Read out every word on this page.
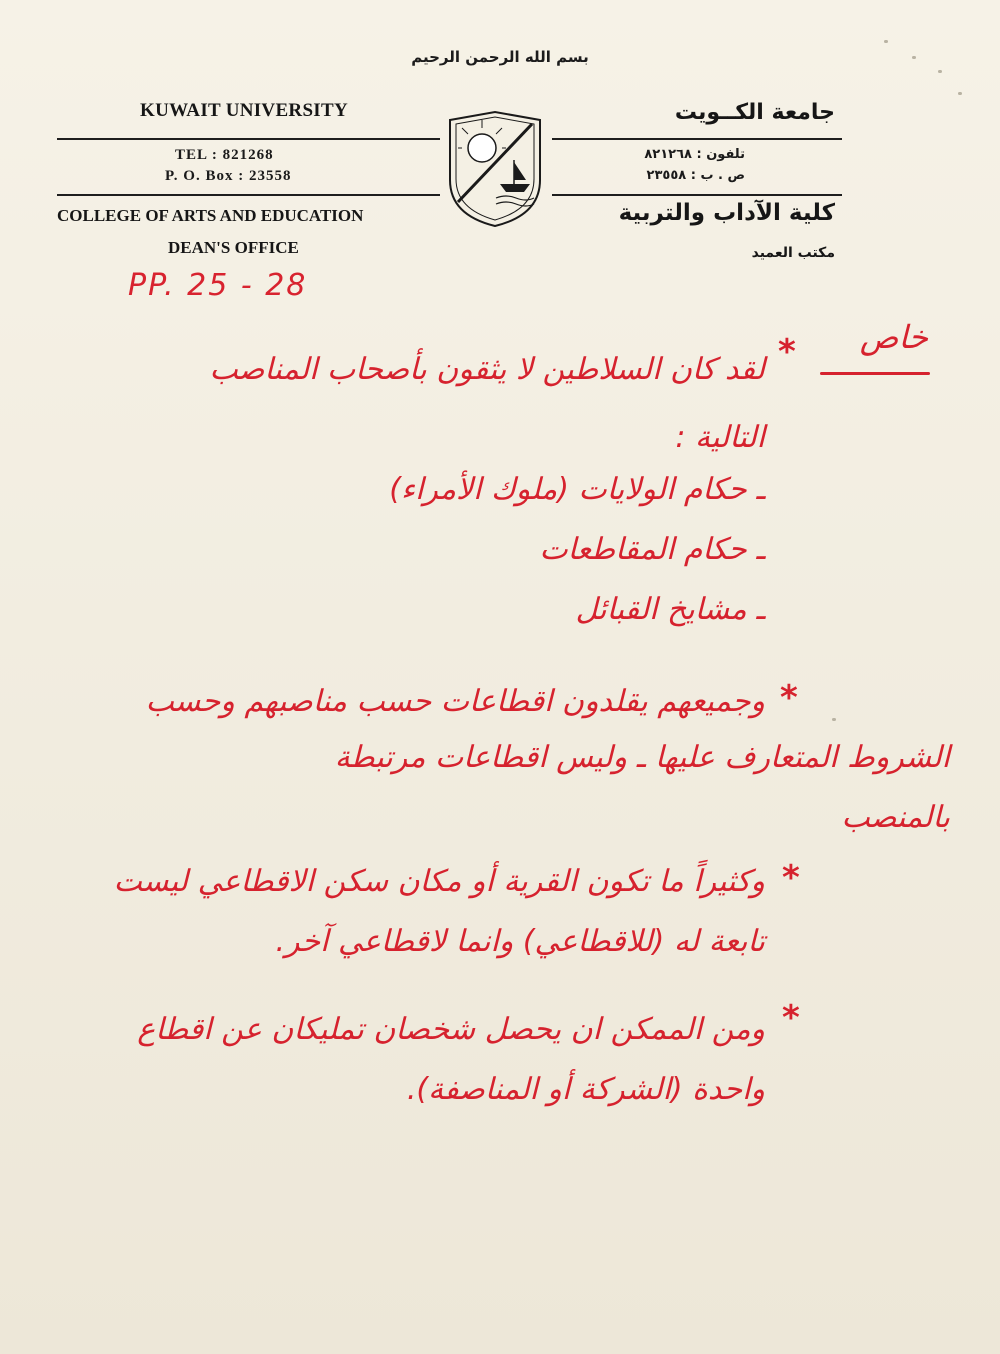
بسم الله الرحمن الرحيم
KUWAIT UNIVERSITY	جامعة الكــويت
TEL : 821268
P. O. Box : 23558
تلفون : ٨٢١٢٦٨
ص . ب : ٢٣٥٥٨
COLLEGE OF ARTS AND EDUCATION
DEAN'S OFFICE
كلية الآداب والتربية
مكتب العميد
PP. 25 - 28
خاص
*
لقد كان السلاطين لا يثقون بأصحاب المناصب
التالية :
ـ حكام الولايات (ملوك الأمراء)
ـ حكام المقاطعات
ـ مشايخ القبائل
*
وجميعهم يقلدون اقطاعات حسب مناصبهم وحسب
الشروط المتعارف عليها ـ وليس اقطاعات مرتبطة
بالمنصب
*
وكثيراً ما تكون القرية أو مكان سكن الاقطاعي ليست
تابعة له (للاقطاعي) وانما لاقطاعي آخر.
*
ومن الممكن ان يحصل شخصان تمليكان عن اقطاع
واحدة (الشركة أو المناصفة).
